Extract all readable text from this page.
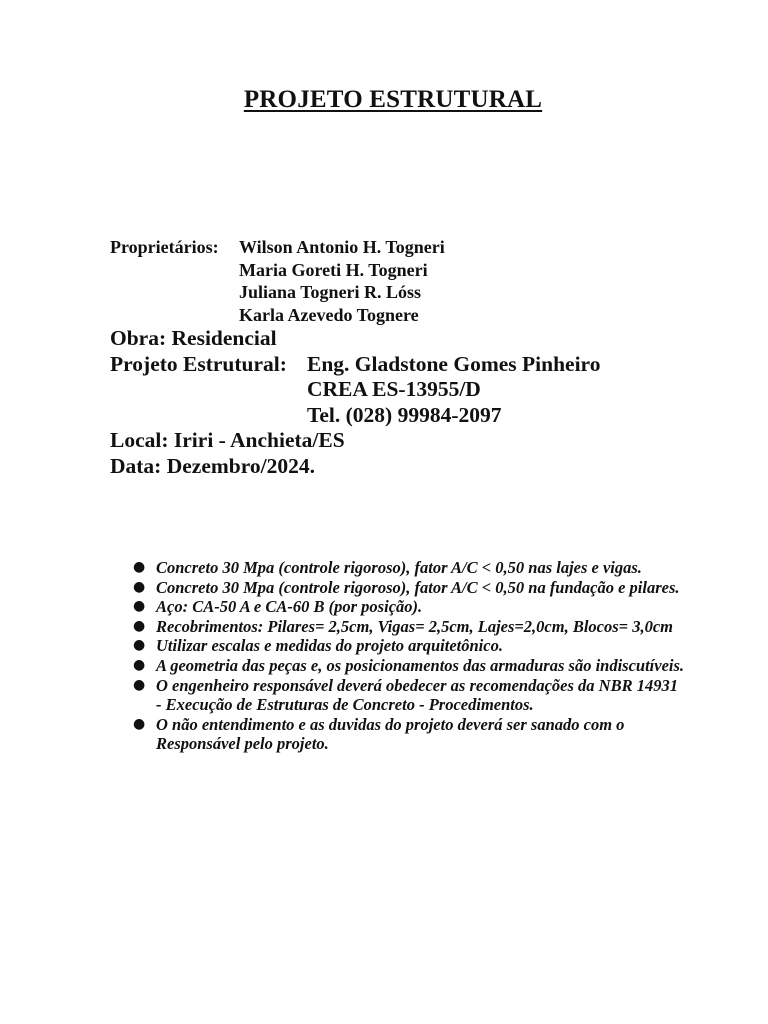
PROJETO ESTRUTURAL
Proprietários: Wilson Antonio H. Togneri
Maria Goreti H. Togneri
Juliana Togneri R. Lóss
Karla Azevedo Tognere
Obra: Residencial
Projeto Estrutural: Eng. Gladstone Gomes Pinheiro
CREA ES-13955/D
Tel. (028) 99984-2097
Local: Iriri - Anchieta/ES
Data: Dezembro/2024.
● Concreto 30 Mpa (controle rigoroso), fator A/C < 0,50 nas lajes e vigas.
● Concreto 30 Mpa (controle rigoroso), fator A/C < 0,50 na fundação e pilares.
● Aço: CA-50 A e CA-60 B (por posição).
● Recobrimentos: Pilares= 2,5cm, Vigas= 2,5cm, Lajes=2,0cm, Blocos= 3,0cm
● Utilizar escalas e medidas do projeto arquitetônico.
● A geometria das peças e, os posicionamentos das armaduras são indiscutíveis.
● O engenheiro responsável deverá obedecer as recomendações da NBR 14931 - Execução de Estruturas de Concreto - Procedimentos.
● O não entendimento e as duvidas do projeto deverá ser sanado com o Responsável pelo projeto.
